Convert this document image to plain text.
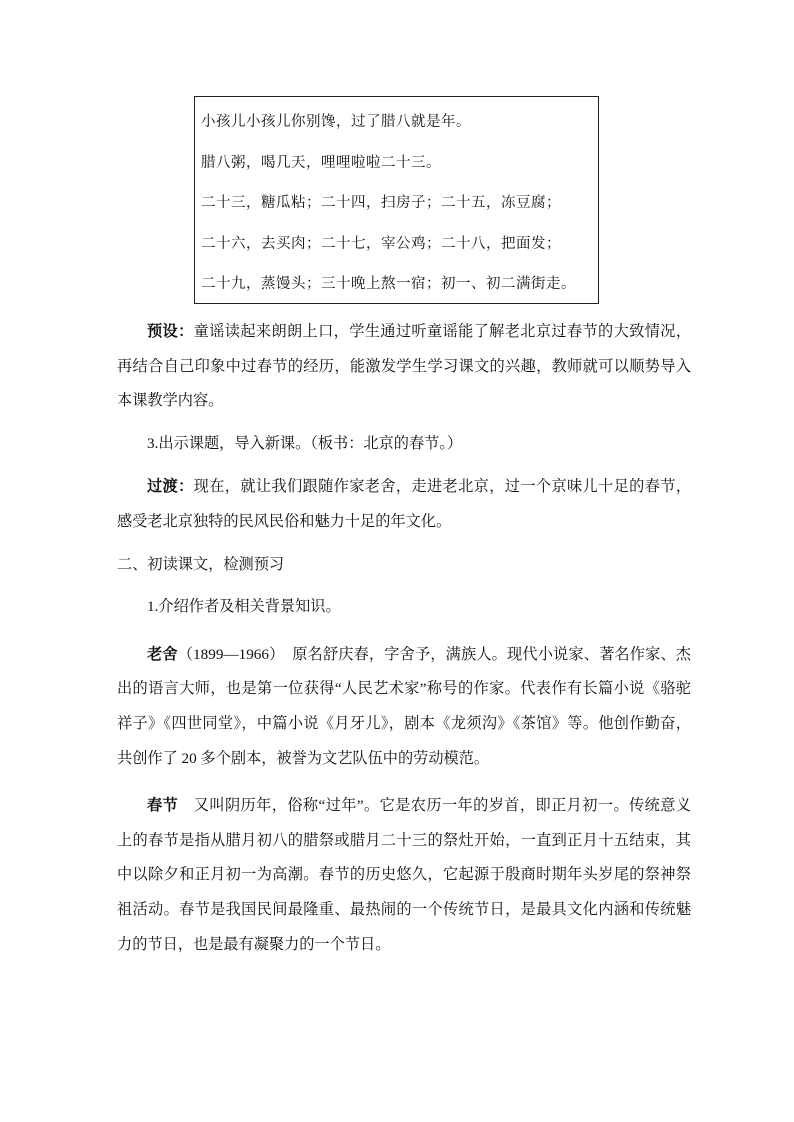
小孩儿小孩儿你别馋，过了腊八就是年。
腊八粥，喝几天，哩哩啦啦二十三。
二十三，糖瓜粘；二十四，扫房子；二十五，冻豆腐；
二十六，去买肉；二十七，宰公鸡；二十八，把面发；
二十九，蒸馒头；三十晚上熬一宿；初一、初二满街走。

预设：童谣读起来朗朗上口，学生通过听童谣能了解老北京过春节的大致情况，再结合自己印象中过春节的经历，能激发学生学习课文的兴趣，教师就可以顺势导入本课教学内容。

3.出示课题，导入新课。（板书：北京的春节。）

过渡：现在，就让我们跟随作家老舍，走进老北京，过一个京味儿十足的春节，感受老北京独特的民风民俗和魅力十足的年文化。

二、初读课文，检测预习

1.介绍作者及相关背景知识。

老舍（1899—1966）　原名舒庆春，字舍予，满族人。现代小说家、著名作家、杰出的语言大师，也是第一位获得“人民艺术家”称号的作家。代表作有长篇小说《骆驼祥子》《四世同堂》，中篇小说《月牙儿》，剧本《龙须沟》《茶馆》等。他创作勤奋，共创作了 20 多个剧本，被誉为文艺队伍中的劳动模范。

春节　又叫阴历年，俗称“过年”。它是农历一年的岁首，即正月初一。传统意义上的春节是指从腊月初八的腊祭或腊月二十三的祭灶开始，一直到正月十五结束，其中以除夕和正月初一为高潮。春节的历史悠久，它起源于殷商时期年头岁尾的祭神祭祖活动。春节是我国民间最隆重、最热闹的一个传统节日，是最具文化内涵和传统魅力的节日，也是最有凝聚力的一个节日。
